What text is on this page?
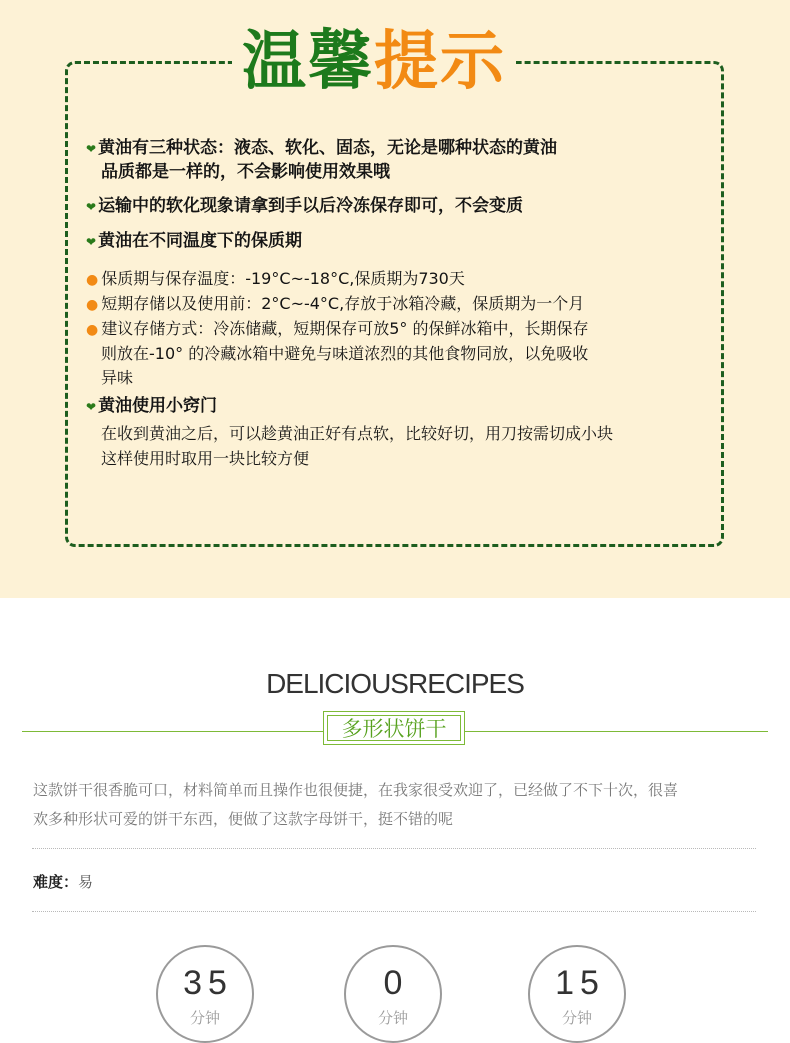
温馨提示
❤ 黄油有三种状态：液态、软化、固态，无论是哪种状态的黄油
品质都是一样的，不会影响使用效果哦
❤ 运输中的软化现象请拿到手以后冷冻保存即可，不会变质
❤ 黄油在不同温度下的保质期
● 保质期与保存温度：-19°C~-18°C,保质期为730天
● 短期存储以及使用前：2°C~-4°C,存放于冰箱冷藏，保质期为一个月
● 建议存储方式：冷冻储藏，短期保存可放5° 的保鲜冰箱中，长期保存
则放在-10° 的冷藏冰箱中避免与味道浓烈的其他食物同放，以免吸收
异味
❤ 黄油使用小窍门
在收到黄油之后，可以趁黄油正好有点软，比较好切，用刀按需切成小块
这样使用时取用一块比较方便
DELICIOUSRECIPES
多形状饼干
这款饼干很香脆可口，材料简单而且操作也很便捷，在我家很受欢迎了，已经做了不下十次，很喜
欢多种形状可爱的饼干东西，便做了这款字母饼干，挺不错的呢
难度：易
35
分钟
0
分钟
15
分钟
